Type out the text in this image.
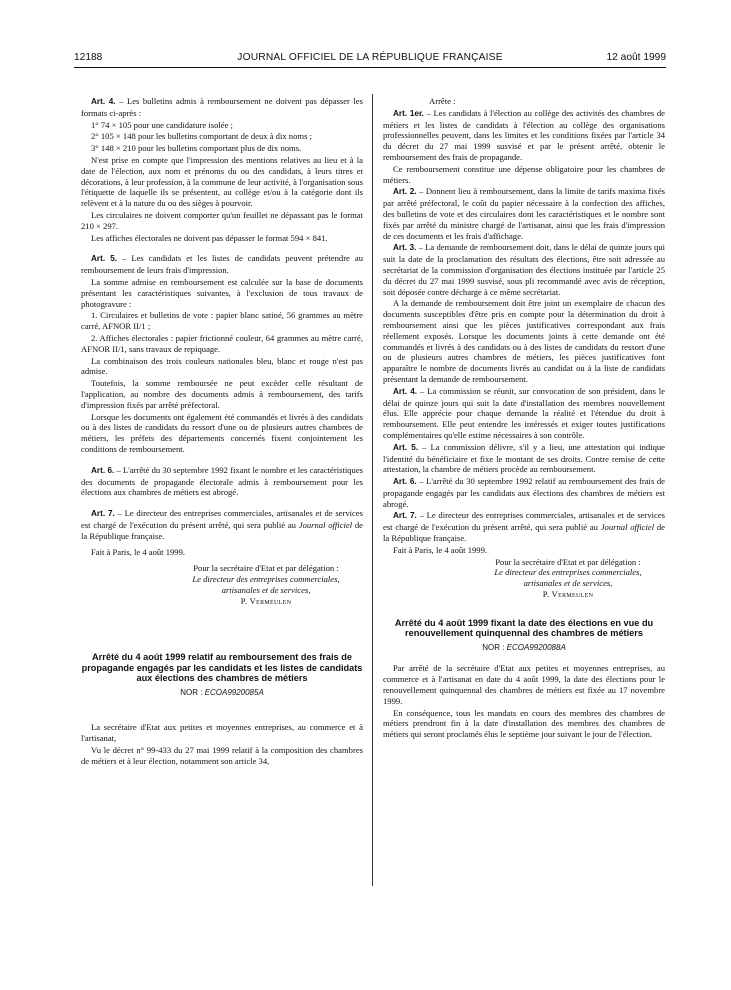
12188	JOURNAL OFFICIEL DE LA RÉPUBLIQUE FRANÇAISE	12 août 1999

Art. 4. – Les bulletins admis à remboursement ne doivent pas dépasser les formats ci-après :

1° 74 × 105 pour une candidature isolée ;

2° 105 × 148 pour les bulletins comportant de deux à dix noms ;

3° 148 × 210 pour les bulletins comportant plus de dix noms.

N'est prise en compte que l'impression des mentions relatives au lieu et à la date de l'élection, aux nom et prénoms du ou des candidats, à leurs titres et décorations, à leur profession, à la commune de leur activité, à l'organisation sous l'étiquette de laquelle ils se présentent, au collège et/ou à la catégorie dont ils relèvent et à la nature du ou des sièges à pourvoir.

Les circulaires ne doivent comporter qu'un feuillet ne dépassant pas le format 210 × 297.

Les affiches électorales ne doivent pas dépasser le format 594 × 841.

Art. 5. – Les candidats et les listes de candidats peuvent prétendre au remboursement de leurs frais d'impression.

La somme admise en remboursement est calculée sur la base de documents présentant les caractéristiques suivantes, à l'exclusion de tous travaux de photogravure :

1. Circulaires et bulletins de vote : papier blanc satiné, 56 grammes au mètre carré, AFNOR II/1 ;

2. Affiches électorales : papier frictionné couleur, 64 grammes au mètre carré, AFNOR II/1, sans travaux de repiquage.

La combinaison des trois couleurs nationales bleu, blanc et rouge n'est pas admise.

Toutefois, la somme remboursée ne peut excéder celle résultant de l'application, au nombre des documents admis à remboursement, des tarifs d'impression fixés par arrêté préfectoral.

Lorsque les documents ont également été commandés et livrés à des candidats ou à des listes de candidats du ressort d'une ou de plusieurs autres chambres de métiers, les préfets des départements concernés fixent conjointement les conditions de remboursement.

Art. 6. – L'arrêté du 30 septembre 1992 fixant le nombre et les caractéristiques des documents de propagande électorale admis à remboursement pour les élections aux chambres de métiers est abrogé.

Art. 7. – Le directeur des entreprises commerciales, artisanales et de services est chargé de l'exécution du présent arrêté, qui sera publié au Journal officiel de la République française.

Fait à Paris, le 4 août 1999.

Pour la secrétaire d'Etat et par délégation :
Le directeur des entreprises commerciales,
artisanales et de services,
P. Vermeulen

Arrêté du 4 août 1999 relatif au remboursement des frais de propagande engagés par les candidats et les listes de candidats aux élections des chambres de métiers

NOR : ECOA9920085A

La secrétaire d'Etat aux petites et moyennes entreprises, au commerce et à l'artisanat,

Vu le décret n° 99-433 du 27 mai 1999 relatif à la composition des chambres de métiers et à leur élection, notamment son article 34,

Arrête :

Art. 1er. – Les candidats à l'élection au collège des activités des chambres de métiers et les listes de candidats à l'élection au collège des organisations professionnelles peuvent, dans les limites et les conditions fixées par l'article 34 du décret du 27 mai 1999 susvisé et par le présent arrêté, obtenir le remboursement des frais de propagande.

Ce remboursement constitue une dépense obligatoire pour les chambres de métiers.

Art. 2. – Donnent lieu à remboursement, dans la limite de tarifs maxima fixés par arrêté préfectoral, le coût du papier nécessaire à la confection des affiches, des bulletins de vote et des circulaires dont les caractéristiques et le nombre sont fixés par arrêté du ministre chargé de l'artisanat, ainsi que les frais d'impression de ces documents et les frais d'affichage.

Art. 3. – La demande de remboursement doit, dans le délai de quinze jours qui suit la date de la proclamation des résultats des élections, être soit adressée au secrétariat de la commission d'organisation des élections instituée par l'article 25 du décret du 27 mai 1999 susvisé, sous pli recommandé avec avis de réception, soit déposée contre décharge à ce même secrétariat.

A la demande de remboursement doit être joint un exemplaire de chacun des documents susceptibles d'être pris en compte pour la détermination du droit à remboursement ainsi que les pièces justificatives correspondant aux frais réellement exposés. Lorsque les documents joints à cette demande ont été commandés et livrés à des candidats ou à des listes de candidats du ressort d'une ou de plusieurs autres chambres de métiers, les pièces justificatives font apparaître le nombre de documents livrés au candidat ou à la liste de candidats présentant la demande de remboursement.

Art. 4. – La commission se réunit, sur convocation de son président, dans le délai de quinze jours qui suit la date d'installation des membres nouvellement élus. Elle apprécie pour chaque demande la réalité et l'étendue du droit à remboursement. Elle peut entendre les intéressés et exiger toutes justifications complémentaires qu'elle estime nécessaires à son contrôle.

Art. 5. – La commission délivre, s'il y a lieu, une attestation qui indique l'identité du bénéficiaire et fixe le montant de ses droits. Contre remise de cette attestation, la chambre de métiers procède au remboursement.

Art. 6. – L'arrêté du 30 septembre 1992 relatif au remboursement des frais de propagande engagés par les candidats aux élections des chambres de métiers est abrogé.

Art. 7. – Le directeur des entreprises commerciales, artisanales et de services est chargé de l'exécution du présent arrêté, qui sera publié au Journal officiel de la République française.

Fait à Paris, le 4 août 1999.

Pour la secrétaire d'Etat et par délégation :
Le directeur des entreprises commerciales,
artisanales et de services,
P. Vermeulen

Arrêté du 4 août 1999 fixant la date des élections en vue du renouvellement quinquennal des chambres de métiers

NOR : ECOA9920088A

Par arrêté de la secrétaire d'Etat aux petites et moyennes entreprises, au commerce et à l'artisanat en date du 4 août 1999, la date des élections pour le renouvellement quinquennal des chambres de métiers est fixée au 17 novembre 1999.

En conséquence, tous les mandats en cours des membres des chambres de métiers prendront fin à la date d'installation des membres des chambres de métiers qui seront proclamés élus le septième jour suivant le jour de l'élection.
